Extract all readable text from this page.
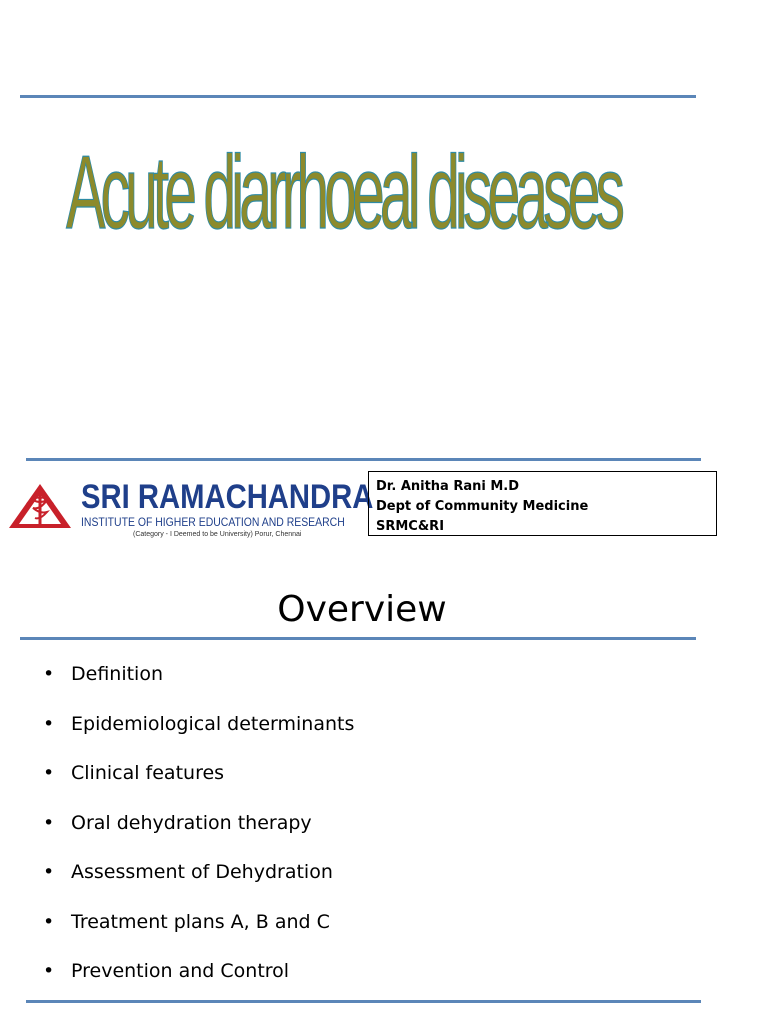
Acute diarrhoeal diseases
SRI RAMACHANDRA
INSTITUTE OF HIGHER EDUCATION AND RESEARCH
(Category - I Deemed to be University) Porur, Chennai
Dr. Anitha Rani M.D
Dept of Community Medicine
SRMC&RI
Overview
• Definition
• Epidemiological determinants
• Clinical features
• Oral dehydration therapy
• Assessment of Dehydration
• Treatment plans A, B and C
• Prevention and Control
